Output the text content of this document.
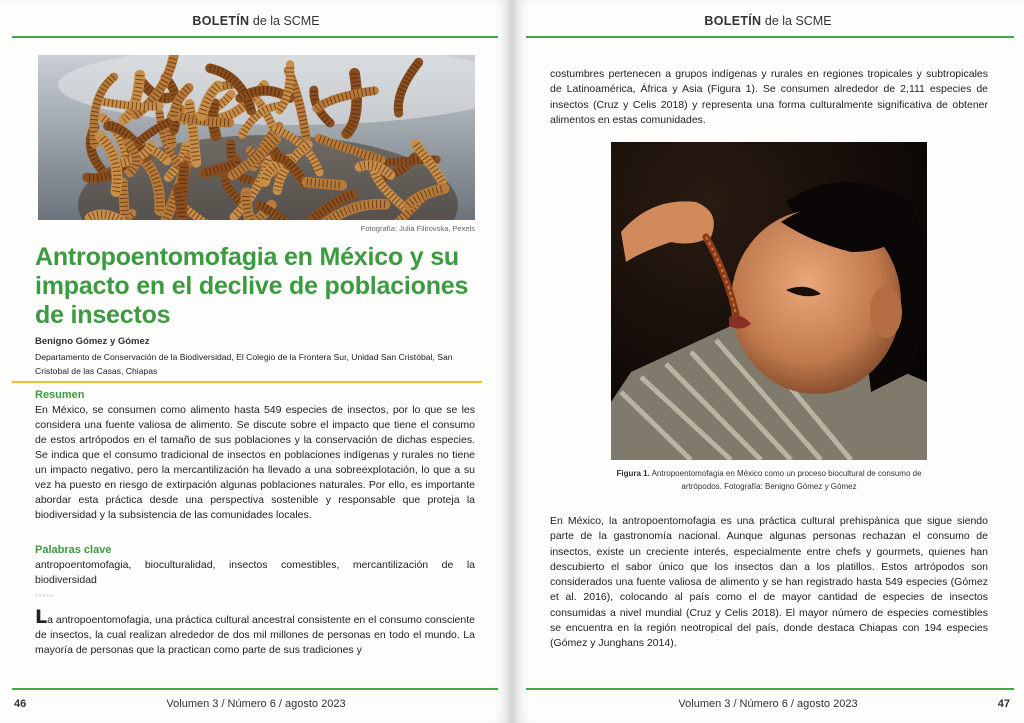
BOLETÍN de la SCME
Fotografía: Julia Filirovska, Pexels
Antropoentomofagia en México y su impacto en el declive de poblaciones de insectos
Benigno Gómez y Gómez
Departamento de Conservación de la Biodiversidad, El Colegio de la Frontera Sur, Unidad San Cristóbal, San Cristobal de las Casas, Chiapas
Resumen

En México, se consumen como alimento hasta 549 especies de insectos, por lo que se les considera una fuente valiosa de alimento. Se discute sobre el impacto que tiene el consumo de estos artrópodos en el tamaño de sus poblaciones y la conservación de dichas especies. Se indica que el consumo tradicional de insectos en poblaciones indígenas y rurales no tiene un impacto negativo, pero la mercantilización ha llevado a una sobreexplotación, lo que a su vez ha puesto en riesgo de extirpación algunas poblaciones naturales. Por ello, es importante abordar esta práctica desde una perspectiva sostenible y responsable que proteja la biodiversidad y la subsistencia de las comunidades locales.

Palabras clave

antropoentomofagia, bioculturalidad, insectos comestibles, mercantilización de la biodiversidad

*****

La antropoentomofagia, una práctica cultural ancestral consistente en el consumo consciente de insectos, la cual realizan alrededor de dos mil millones de personas en todo el mundo. La mayoría de personas que la practican como parte de sus tradiciones y

46	Volumen 3 / Número 6 / agosto 2023
BOLETÍN de la SCME
Volumen 3 / Número 6 / agosto 2023	47

costumbres pertenecen a grupos indígenas y rurales en regiones tropicales y subtropicales de Latinoamérica, África y Asia (Figura 1). Se consumen alrededor de 2,111 especies de insectos (Cruz y Celis 2018) y representa una forma culturalmente significativa de obtener alimentos en estas comunidades.

Figura 1. Antropoentomofagia en México como un proceso biocultural de consumo de artrópodos. Fotografía: Benigno Gómez y Gómez

En México, la antropoentomofagia es una práctica cultural prehispánica que sigue siendo parte de la gastronomía nacional. Aunque algunas personas rechazan el consumo de insectos, existe un creciente interés, especialmente entre chefs y gourmets, quienes han descubierto el sabor único que los insectos dan a los platillos. Estos artrópodos son considerados una fuente valiosa de alimento y se han registrado hasta 549 especies (Gómez et al. 2016), colocando al país como el de mayor cantidad de especies de insectos consumidas a nivel mundial (Cruz y Celis 2018). El mayor número de especies comestibles se encuentra en la región neotropical del país, donde destaca Chiapas con 194 especies (Gómez y Junghans 2014).
